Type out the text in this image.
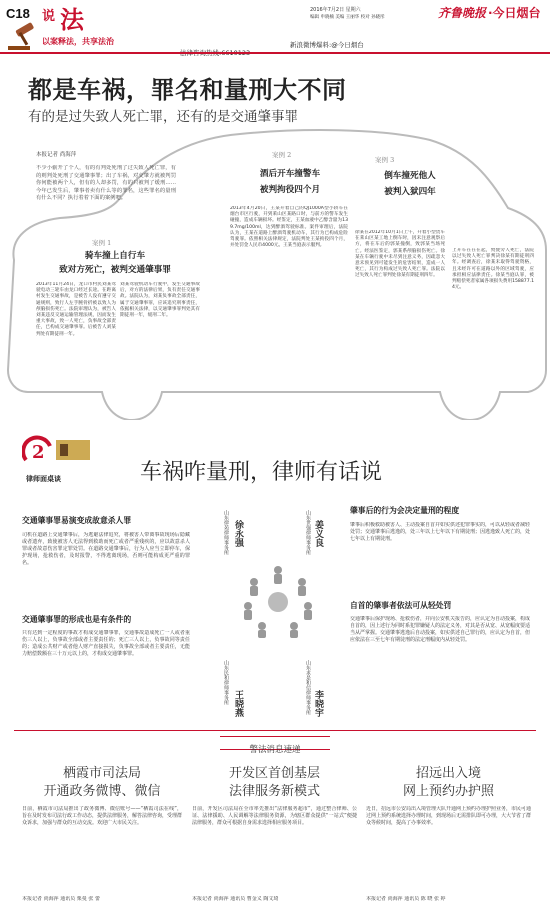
C18 说 法
以案释法，共享法治
2016年7月2日 星期六
编辑 申晓楠 美编 王丽华 校对 孙晓彤	齐鲁晚报 ·今日烟台
新浪微博爆料:@今日烟台
都是车祸，罪名和量刑大不同
有的是过失致人死亡罪，还有的是交通肇事罪
本报记者 尚海萍
不少小偷开了个人，有的有判处死刑了过失致人死亡罪，有的则判处死刑了交通肇事罪；出了车祸，对交肇方就被判罚你何能被两个人，但有的人却多罚，有的只被判了缓刑……今年已发生后，肇事者卖有什么等的罪名，这些罪名的量刑有什么不同？执行着着下面的案例吧。
案例 1
骑车撞上自行车
致对方死亡，被判交通肇事罪
2013年11月24日，龙口市村民刘某驾驶电动三轮车由龙口经过长途。在距离村发生交通事故，是被告人没有遵守交通规则，致行人左手腕骨折被以致人为颅脑损伤死亡。法院审理认为，被告人刘某违反交通运输管理法规，因而发生重大事故，致一人死亡，负事故全部责任，已构成交通肇事罪。后被告人刘某判处有期徒刑一年。
刘某驾驶机动车行驶中，发生交通事故后，对方的法律后果，负有责任交通事故。法院认为，刘某负事故全部责任，属于交通肇事罪，应该追究刑事责任，依据相关法律，以交通肇事罪判处其有期徒刑一年，缓刑二年。
案例 2
酒后开车撞警车
被判拘役四个月
2013年4月20日，王某开着自己的QJ1000A型小轿车在烟台市区行驶，开到莱山区某路口时，与前方的警车发生碰撞，造成车辆损坏。经鉴定，王某血液中乙醇含量为139.7mg/100ml，达到醉酒驾驶标准。案件审理后，法院认为，王某在道路上醉酒驾驶机动车，其行为已构成危险驾驶罪。依照相关法律规定，法院判处王某拘役四个月，并处罚金人民币4000元。王某当庭表示服判。
案例 3
倒车撞死他人
被判入狱四年
徐某在2012年10月1日上午，开着小型货车在莱山区某工地上倒车时，因未注意观察后方，将在车后的郭某撞倒，致郭某当场死亡。经法医鉴定，郭某系颅脑损伤死亡。徐某在车辆行驶中未尽到注意义务，因疏忽大意未预见到可能发生的危害结果，造成一人死亡，其行为构成过失致人死亡罪。法院以过失致人死亡罪判处徐某有期徒刑四年。
上开车在在在起，致使旁人死亡，法院以过失致人死亡罪判决徐某有期徒刑四年。经调查后，徐某未取得驾驶资格，且未经许可在道路以外的区域驾驶，应承担相应法律责任。徐某当庭认罪，被判赔偿死者家属各项损失费用158877.14元。
2
律师面桌谈	车祸咋量刑，律师有话说
交通肇事罪易演变成故意杀人罪
司机在道路上交通肇事后，为逃避法律追究，将被害人带离事故现场后隐藏或者遗弃，致使被害人无法得到救助而死亡或者严重残疾的，应以故意杀人罪或者故意伤害罪定罪处罚。在道路交通肇事后，行为人应当立即停车，保护现场，抢救伤者，及时报警，不得逃离现场，否则可能构成更严重的罪名。
交通肇事罪的形成也是有条件的
只有达到一定程度的事故才构成交通肇事罪，交通事故造成死亡一人或者重伤三人以上，负事故全部或者主要责任的；死亡三人以上，负事故同等责任的；造成公共财产或者他人财产直接损失，负事故全部或者主要责任，无能力赔偿数额在三十万元以上的，才构成交通肇事罪。
山东律苑律师事务所 徐永强	山东世强律师事务所 姜义良
山东民和律师事务所 王晓燕	山东求是和信律师事务所 李晓宇
肇事后的行为会决定量刑的程度
肇事后积极救助被害人、主动投案自首并如实供述犯罪事实的，可以从轻或者减轻处罚；交通肇事后逃逸的，处三年以上七年以下有期徒刑；因逃逸致人死亡的，处七年以上有期徒刑。
自首的肇事者依法可从轻处罚
交通肇事后保护现场、抢救伤者，并向公安机关报告的，应认定为自动投案，构成自首的，因上述行为同时系犯罪嫌疑人的法定义务，对其是否从宽、从宽幅度要适当从严掌握。交通肇事逃逸后自动投案，如实供述自己罪行的，应认定为自首，但应依法在三至七年有期徒刑的法定刑幅度内从轻处罚。
警法消息速递
栖霞市司法局
开通政务微博、微信
日前，栖霞市司法局推出了政务微博、微信账号——“栖霞司法在线”，旨在及时发布司法行政工作动态，提供法律服务，解答法律咨询，受理群众诉求，加强与群众的互动交流。欢迎广大市民关注。
本报记者 尚海萍 通讯员 栗曼 张 蕾
开发区首创基层
法律服务新模式
日前，开发区司法局在全市率先推出“法律服务超市”，通过整合律师、公证、法律援助、人民调解等法律服务资源，为辖区群众提供“一站式”便捷法律服务，群众可根据自身需求选择相应服务项目。
本报记者 尚海萍 通讯员 曹金义 陶文琦
招远出入境
网上预约办护照
近日，招远市公安局出入境管理大队开通网上预约办理护照业务，市民可通过网上预约系统选择办理时间，到现场后无需排队即可办理，大大节省了群众等候时间，提高了办事效率。
本报记者 尚海萍 通讯员 陈 晓 张 婷
